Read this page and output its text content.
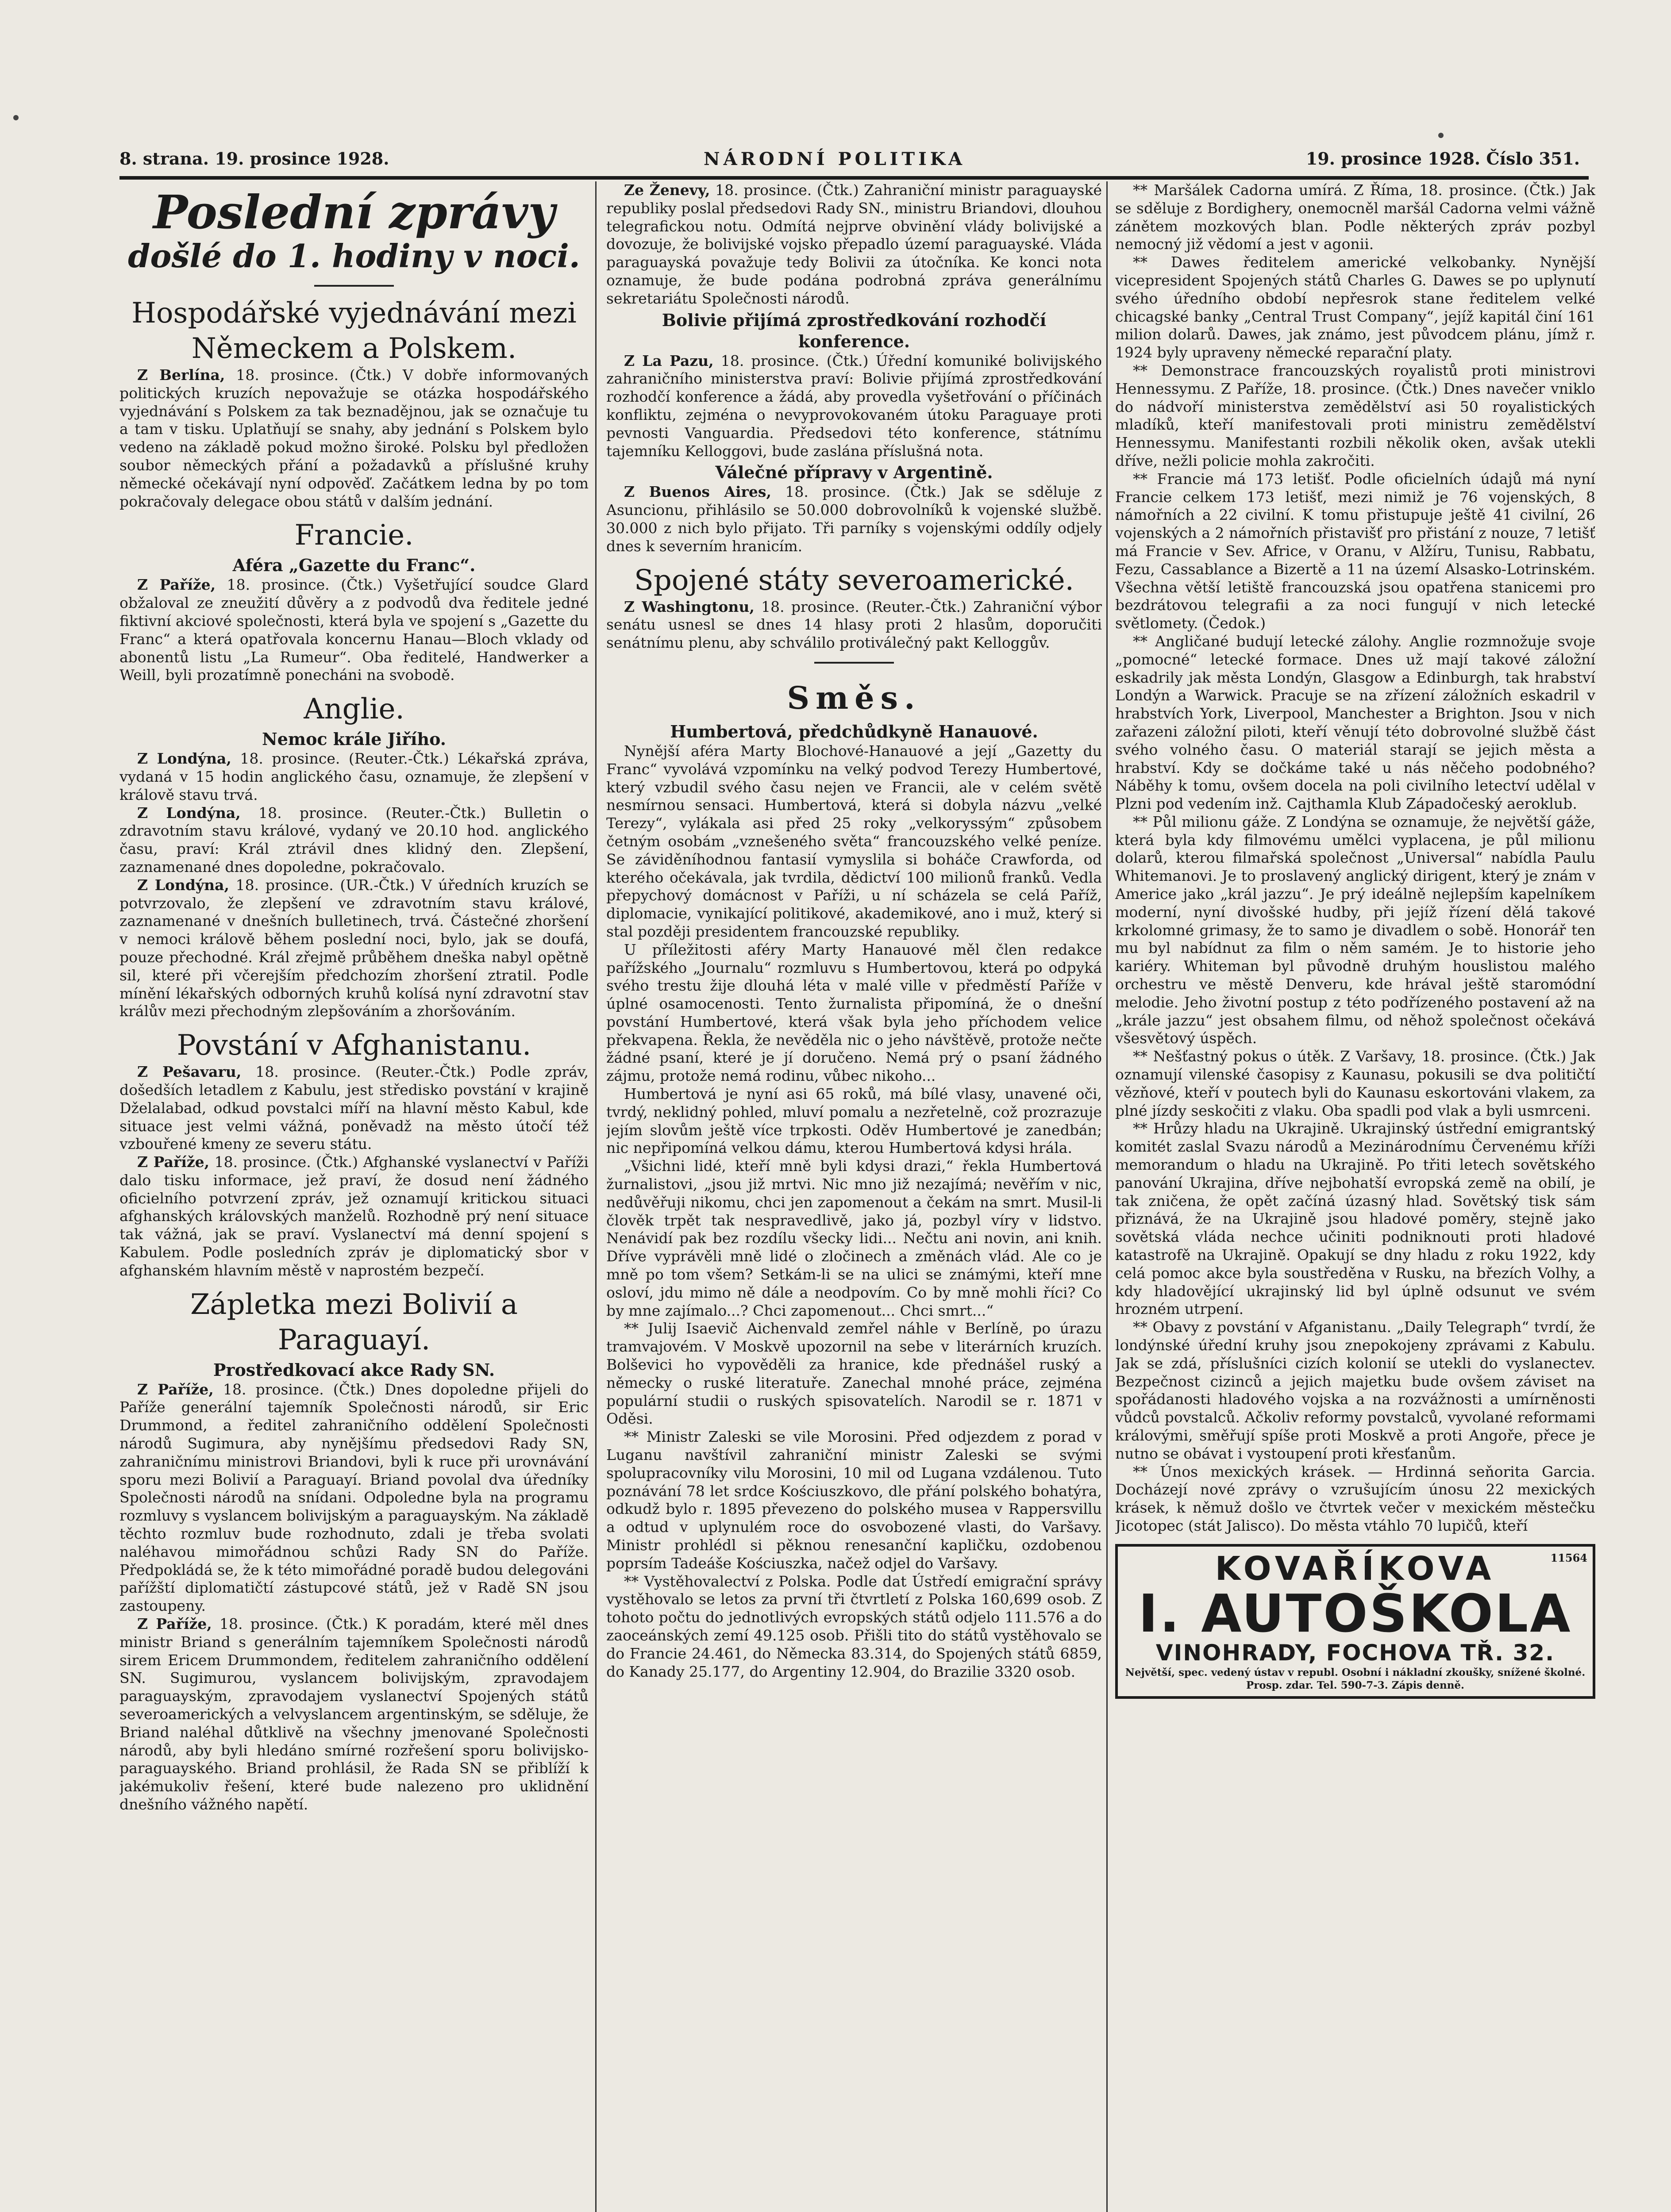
8. strana. 19. prosince 1928.	NÁRODNÍ POLITIKA	19. prosince 1928. Číslo 351.
Poslední zprávy
došlé do 1. hodiny v noci.
Hospodářské vyjednávání mezi Německem a Polskem.

Z Berlína, 18. prosince. (Čtk.) V dobře informovaných politických kruzích nepovažuje se otázka hospodářského vyjednávání s Polskem za tak beznadějnou, jak se označuje tu a tam v tisku. Uplatňují se snahy, aby jednání s Polskem bylo vedeno na základě pokud možno široké. Polsku byl předložen soubor německých přání a požadavků a příslušné kruhy německé očekávají nyní odpověď. Začátkem ledna by po tom pokračovaly delegace obou států v dalším jednání.

Francie.
Aféra „Gazette du Franc“.

Z Paříže, 18. prosince. (Čtk.) Vyšetřující soudce Glard obžaloval ze zneužití důvěry a z podvodů dva ředitele jedné fiktivní akciové společnosti, která byla ve spojení s „Gazette du Franc“ a která opatřovala koncernu Hanau—Bloch vklady od abonentů listu „La Rumeur“. Oba ředitelé, Handwerker a Weill, byli prozatímně ponecháni na svobodě.

Anglie.
Nemoc krále Jiřího.

Z Londýna, 18. prosince. (Reuter.-Čtk.) Lékařská zpráva, vydaná v 15 hodin anglického času, oznamuje, že zlepšení v králově stavu trvá.

Z Londýna, 18. prosince. (Reuter.-Čtk.) Bulletin o zdravotním stavu králové, vydaný ve 20.10 hod. anglického času, praví: Král ztrávil dnes klidný den. Zlepšení, zaznamenané dnes dopoledne, pokračovalo.

Z Londýna, 18. prosince. (UR.-Čtk.) V úředních kruzích se potvrzovalo, že zlepšení ve zdravotním stavu králové, zaznamenané v dnešních bulletinech, trvá. Částečné zhoršení v nemoci králově během poslední noci, bylo, jak se doufá, pouze přechodné. Král zřejmě průběhem dneška nabyl opětně sil, které při včerejším předchozím zhoršení ztratil. Podle mínění lékařských odborných kruhů kolísá nyní zdravotní stav králův mezi přechodným zlepšováním a zhoršováním.

Povstání v Afghanistanu.

Z Pešavaru, 18. prosince. (Reuter.-Čtk.) Podle zpráv, došedších letadlem z Kabulu, jest středisko povstání v krajině Dželalabad, odkud povstalci míří na hlavní město Kabul, kde situace jest velmi vážná, poněvadž na město útočí též vzbouřené kmeny ze severu státu.

Z Paříže, 18. prosince. (Čtk.) Afghanské vyslanectví v Paříži dalo tisku informace, jež praví, že dosud není žádného oficielního potvrzení zpráv, jež oznamují kritickou situaci afghanských královských manželů. Rozhodně prý není situace tak vážná, jak se praví. Vyslanectví má denní spojení s Kabulem. Podle posledních zpráv je diplomatický sbor v afghanském hlavním městě v naprostém bezpečí.

Zápletka mezi Bolivií a Paraguayí.
Prostředkovací akce Rady SN.

Z Paříže, 18. prosince. (Čtk.) Dnes dopoledne přijeli do Paříže generální tajemník Společnosti národů, sir Eric Drummond, a ředitel zahraničního oddělení Společnosti národů Sugimura, aby nynějšímu předsedovi Rady SN, zahraničnímu ministrovi Briandovi, byli k ruce při urovnávání sporu mezi Bolivií a Paraguayí. Briand povolal dva úředníky Společnosti národů na snídani. Odpoledne byla na programu rozmluvy s vyslancem bolivijským a paraguayským. Na základě těchto rozmluv bude rozhodnuto, zdali je třeba svolati naléhavou mimořádnou schůzi Rady SN do Paříže. Předpokládá se, že k této mimořádné poradě budou delegováni pařížští diplomatičtí zástupcové států, jež v Radě SN jsou zastoupeny.

Z Paříže, 18. prosince. (Čtk.) K poradám, které měl dnes ministr Briand s generálním tajemníkem Společnosti národů sirem Ericem Drummondem, ředitelem zahraničního oddělení SN. Sugimurou, vyslancem bolivijským, zpravodajem paraguayským, zpravodajem vyslanectví Spojených států severoamerických a velvyslancem argentinským, se sděluje, že Briand naléhal důtklivě na všechny jmenované Společnosti národů, aby byli hledáno smírné rozřešení sporu bolivijsko-paraguayského. Briand prohlásil, že Rada SN se přiblíží k jakémukoliv řešení, které bude nalezeno pro uklidnění dnešního vážného napětí.

Ze Ženevy, 18. prosince. (Čtk.) Zahraniční ministr paraguayské republiky poslal předsedovi Rady SN., ministru Briandovi, dlouhou telegrafickou notu. Odmítá nejprve obvinění vlády bolivijské a dovozuje, že bolivijské vojsko přepadlo území paraguayské. Vláda paraguayská považuje tedy Bolivii za útočníka. Ke konci nota oznamuje, že bude podána podrobná zpráva generálnímu sekretariátu Společnosti národů.

Bolivie přijímá zprostředkování rozhodčí konference.

Z La Pazu, 18. prosince. (Čtk.) Úřední komuniké bolivijského zahraničního ministerstva praví: Bolivie přijímá zprostředkování rozhodčí konference a žádá, aby provedla vyšetřování o příčinách konfliktu, zejména o nevyprovokovaném útoku Paraguaye proti pevnosti Vanguardia. Předsedovi této konference, státnímu tajemníku Kelloggovi, bude zaslána příslušná nota.

Válečné přípravy v Argentině.

Z Buenos Aires, 18. prosince. (Čtk.) Jak se sděluje z Asuncionu, přihlásilo se 50.000 dobrovolníků k vojenské službě. 30.000 z nich bylo přijato. Tři parníky s vojenskými oddíly odjely dnes k severním hranicím.

Spojené státy severoamerické.

Z Washingtonu, 18. prosince. (Reuter.-Čtk.) Zahraniční výbor senátu usnesl se dnes 14 hlasy proti 2 hlasům, doporučiti senátnímu plenu, aby schválilo protiválečný pakt Kelloggův.

Směs.
Humbertová, předchůdkyně Hanauové.

Nynější aféra Marty Blochové-Hanauové a její „Gazetty du Franc“ vyvolává vzpomínku na velký podvod Terezy Humbertové, který vzbudil svého času nejen ve Francii, ale v celém světě nesmírnou sensaci. Humbertová, která si dobyla názvu „velké Terezy“, vylákala asi před 25 roky „velkoryssým“ způsobem četným osobám „vznešeného světa“ francouzského velké peníze. Se záviděníhodnou fantasií vymyslila si boháče Crawforda, od kterého očekávala, jak tvrdila, dědictví 100 milionů franků. Vedla přepychový domácnost v Paříži, u ní scházela se celá Paříž, diplomacie, vynikající politikové, akademikové, ano i muž, který si stal později presidentem francouzské republiky.

U příležitosti aféry Marty Hanauové měl člen redakce pařížského „Journalu“ rozmluvu s Humbertovou, která po odpyká svého trestu žije dlouhá léta v malé ville v předměstí Paříže v úplné osamocenosti. Tento žurnalista připomíná, že o dnešní povstání Humbertové, která však byla jeho příchodem velice překvapena. Řekla, že nevěděla nic o jeho návštěvě, protože nečte žádné psaní, které je jí doručeno. Nemá prý o psaní žádného zájmu, protože nemá rodinu, vůbec nikoho...

Humbertová je nyní asi 65 roků, má bílé vlasy, unavené oči, tvrdý, neklidný pohled, mluví pomalu a nezřetelně, což prozrazuje jejím slovům ještě více trpkosti. Oděv Humbertové je zanedbán; nic nepřipomíná velkou dámu, kterou Humbertová kdysi hrála.

„Všichni lidé, kteří mně byli kdysi drazi,“ řekla Humbertová žurnalistovi, „jsou již mrtvi. Nic mno již nezajímá; nevěřím v nic, nedůvěřuji nikomu, chci jen zapomenout a čekám na smrt. Musil-li člověk trpět tak nespravedlivě, jako já, pozbyl víry v lidstvo. Nenávidí pak bez rozdílu všecky lidi... Nečtu ani novin, ani knih. Dříve vyprávěli mně lidé o zločinech a změnách vlád. Ale co je mně po tom všem? Setkám-li se na ulici se známými, kteří mne osloví, jdu mimo ně dále a neodpovím. Co by mně mohli říci? Co by mne zajímalo...? Chci zapomenout... Chci smrt...“

** Julij Isaevič Aichenvald zemřel náhle v Berlíně, po úrazu tramvajovém. V Moskvě upozornil na sebe v literárních kruzích. Bolševici ho vypověděli za hranice, kde přednášel ruský a německy o ruské literatuře. Zanechal mnohé práce, zejména populární studii o ruských spisovatelích. Narodil se r. 1871 v Oděsi.

** Ministr Zaleski se vile Morosini. Před odjezdem z porad v Luganu navštívil zahraniční ministr Zaleski se svými spolupracovníky vilu Morosini, 10 mil od Lugana vzdálenou. Tuto poznávání 78 let srdce Kościuszkovo, dle přání polského bohatýra, odkudž bylo r. 1895 převezeno do polského musea v Rappersvillu a odtud v uplynulém roce do osvobozené vlasti, do Varšavy. Ministr prohlédl si pěknou renesanční kapličku, ozdobenou poprsím Tadeáše Kościuszka, načež odjel do Varšavy.

** Vystěhovalectví z Polska. Podle dat Ústředí emigrační správy vystěhovalo se letos za první tři čtvrtletí z Polska 160,699 osob. Z tohoto počtu do jednotlivých evropských států odjelo 111.576 a do zaoceánských zemí 49.125 osob. Přišli tito do států vystěhovalo se do Francie 24.461, do Německa 83.314, do Spojených států 6859, do Kanady 25.177, do Argentiny 12.904, do Brazilie 3320 osob.

** Maršálek Cadorna umírá. Z Říma, 18. prosince. (Čtk.) Jak se sděluje z Bordighery, onemocněl maršál Cadorna velmi vážně zánětem mozkových blan. Podle některých zpráv pozbyl nemocný již vědomí a jest v agonii.

** Dawes ředitelem americké velkobanky. Nynější vicepresident Spojených států Charles G. Dawes se po uplynutí svého úředního období nepřesrok stane ředitelem velké chicagské banky „Central Trust Company“, jejíž kapitál činí 161 milion dolarů. Dawes, jak známo, jest původcem plánu, jímž r. 1924 byly upraveny německé reparační platy.

** Demonstrace francouzských royalistů proti ministrovi Hennessymu. Z Paříže, 18. prosince. (Čtk.) Dnes navečer vniklo do nádvoří ministerstva zemědělství asi 50 royalistických mladíků, kteří manifestovali proti ministru zemědělství Hennessymu. Manifestanti rozbili několik oken, avšak utekli dříve, nežli policie mohla zakročiti.

** Francie má 173 letišť. Podle oficielních údajů má nyní Francie celkem 173 letišť, mezi nimiž je 76 vojenských, 8 námořních a 22 civilní. K tomu přistupuje ještě 41 civilní, 26 vojenských a 2 námořních přistavišť pro přistání z nouze, 7 letišť má Francie v Sev. Africe, v Oranu, v Alžíru, Tunisu, Rabbatu, Fezu, Cassablance a Bizertě a 11 na území Alsasko-Lotrinském. Všechna větší letiště francouzská jsou opatřena stanicemi pro bezdrátovou telegrafii a za noci fungují v nich letecké světlomety. (Čedok.)

** Angličané budují letecké zálohy. Anglie rozmnožuje svoje „pomocné“ letecké formace. Dnes už mají takové záložní eskadrily jak města Londýn, Glasgow a Edinburgh, tak hrabství Londýn a Warwick. Pracuje se na zřízení záložních eskadril v hrabstvích York, Liverpool, Manchester a Brighton. Jsou v nich zařazeni záložní piloti, kteří věnují této dobrovolné službě část svého volného času. O materiál starají se jejich města a hrabství. Kdy se dočkáme také u nás něčeho podobného? Náběhy k tomu, ovšem docela na poli civilního letectví udělal v Plzni pod vedením inž. Cajthamla Klub Západočeský aeroklub.

** Půl milionu gáže. Z Londýna se oznamuje, že největší gáže, která byla kdy filmovému umělci vyplacena, je půl milionu dolarů, kterou filmařská společnost „Universal“ nabídla Paulu Whitemanovi. Je to proslavený anglický dirigent, který je znám v Americe jako „král jazzu“. Je prý ideálně nejlepším kapelníkem moderní, nyní divošské hudby, při jejíž řízení dělá takové krkolomné grimasy, že to samo je divadlem o sobě. Honorář ten mu byl nabídnut za film o něm samém. Je to historie jeho kariéry. Whiteman byl původně druhým houslistou malého orchestru ve městě Denveru, kde hrával ještě staromódní melodie. Jeho životní postup z této podřízeného postavení až na „krále jazzu“ jest obsahem filmu, od něhož společnost očekává všesvětový úspěch.

** Nešťastný pokus o útěk. Z Varšavy, 18. prosince. (Čtk.) Jak oznamují vilenské časopisy z Kaunasu, pokusili se dva političtí vězňové, kteří v poutech byli do Kaunasu eskortováni vlakem, za plné jízdy seskočiti z vlaku. Oba spadli pod vlak a byli usmrceni.

** Hrůzy hladu na Ukrajině. Ukrajinský ústřední emigrantský komitét zaslal Svazu národů a Mezinárodnímu Červenému kříži memorandum o hladu na Ukrajině. Po třiti letech sovětského panování Ukrajina, dříve nejbohatší evropská země na obilí, je tak zničena, že opět začíná úzasný hlad. Sovětský tisk sám přiznává, že na Ukrajině jsou hladové poměry, stejně jako sovětská vláda nechce učiniti podniknouti proti hladové katastrofě na Ukrajině. Opakují se dny hladu z roku 1922, kdy celá pomoc akce byla soustředěna v Rusku, na březích Volhy, a kdy hladovějící ukrajinský lid byl úplně odsunut ve svém hrozném utrpení.

** Obavy z povstání v Afganistanu. „Daily Telegraph“ tvrdí, že londýnské úřední kruhy jsou znepokojeny zprávami z Kabulu. Jak se zdá, příslušníci cizích kolonií se utekli do vyslanectev. Bezpečnost cizinců a jejich majetku bude ovšem záviset na spořádanosti hladového vojska a na rozvážnosti a umírněnosti vůdců povstalců. Ačkoliv reformy povstalců, vyvolané reformami královými, směřují spíše proti Moskvě a proti Angoře, přece je nutno se obávat i vystoupení proti křesťanům.

** Únos mexických krásek. — Hrdinná seňorita Garcia. Docházejí nové zprávy o vzrušujícím únosu 22 mexických krásek, k němuž došlo ve čtvrtek večer v mexickém městečku Jicotopec (stát Jalisco). Do města vtáhlo 70 lupičů, kteří

11564
KOVAŘÍKOVA
I. AUTOŠKOLA
VINOHRADY, FOCHOVA TŘ. 32.
Největší, spec. vedený ústav v republ. Osobní i nákladní zkoušky, snížené školné. Prosp. zdar. Tel. 590-7-3. Zápis denně.
